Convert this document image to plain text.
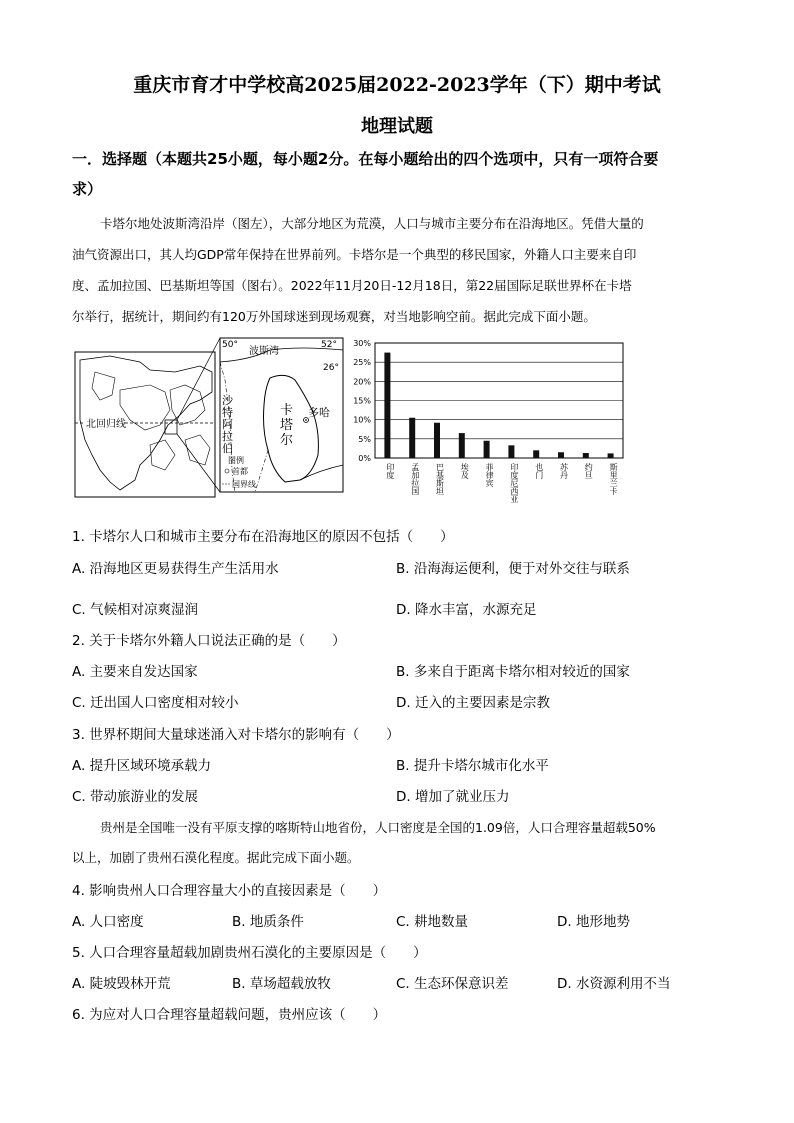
重庆市育才中学校高2025届2022-2023学年（下）期中考试
地理试题
一．选择题（本题共25小题，每小题2分。在每小题给出的四个选项中，只有一项符合要
求）
卡塔尔地处波斯湾沿岸（图左），大部分地区为荒漠，人口与城市主要分布在沿海地区。凭借大量的
油气资源出口，其人均GDP常年保持在世界前列。卡塔尔是一个典型的移民国家，外籍人口主要来自印
度、孟加拉国、巴基斯坦等国（图右）。2022年11月20日-12月18日，第22届国际足联世界杯在卡塔
尔举行，据统计，期间约有120万外国球迷到现场观赛，对当地影响空前。据此完成下面小题。
北回归线
50°	52°
26°
波斯湾
沙
特
阿
拉
伯
卡
塔
尔
多哈
图例
首都
国界线
0%
5%
10%
15%
20%
25%
30%
印度 孟加拉国 巴基斯坦 埃及 菲律宾 印度尼西亚 也门 苏丹 约旦 斯里兰卡
1. 卡塔尔人口和城市主要分布在沿海地区的原因不包括（　　）
A. 沿海地区更易获得生产生活用水	B. 沿海海运便利，便于对外交往与联系
C. 气候相对凉爽湿润	D. 降水丰富，水源充足
2. 关于卡塔尔外籍人口说法正确的是（　　）
A. 主要来自发达国家	B. 多来自于距离卡塔尔相对较近的国家
C. 迁出国人口密度相对较小	D. 迁入的主要因素是宗教
3. 世界杯期间大量球迷涌入对卡塔尔的影响有（　　）
A. 提升区域环境承载力	B. 提升卡塔尔城市化水平
C. 带动旅游业的发展	D. 增加了就业压力
贵州是全国唯一没有平原支撑的喀斯特山地省份，人口密度是全国的1.09倍，人口合理容量超载50%
以上，加剧了贵州石漠化程度。据此完成下面小题。
4. 影响贵州人口合理容量大小的直接因素是（　　）
A. 人口密度	B. 地质条件	C. 耕地数量	D. 地形地势
5. 人口合理容量超载加剧贵州石漠化的主要原因是（　　）
A. 陡坡毁林开荒	B. 草场超载放牧	C. 生态环保意识差	D. 水资源利用不当
6. 为应对人口合理容量超载问题，贵州应该（　　）
